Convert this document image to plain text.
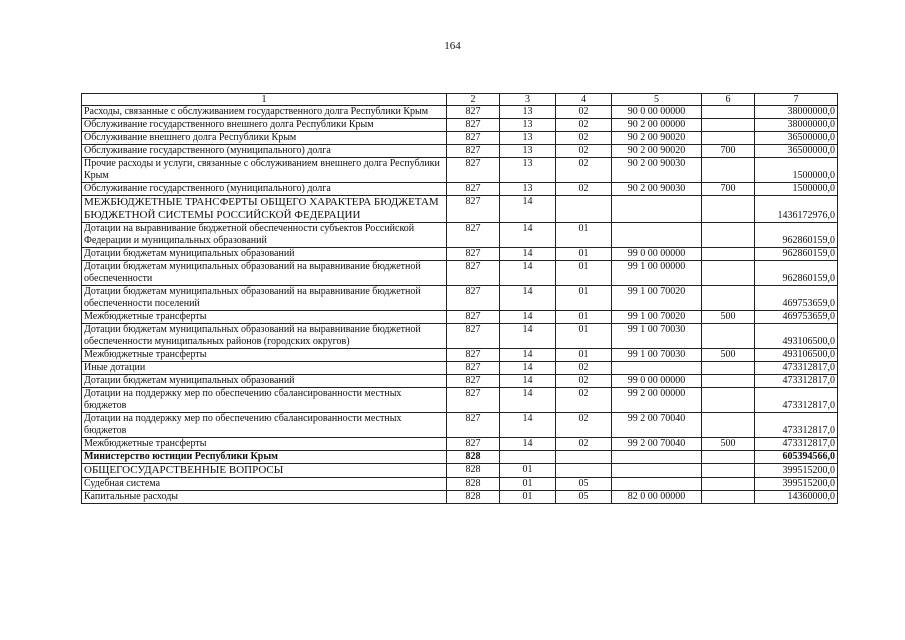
164
1	2	3	4	5	6	7
Расходы, связанные с обслуживанием государственного долга Республики Крым	827	13	02	90 0 00 00000		38000000,0
Обслуживание государственного внешнего долга Республики Крым	827	13	02	90 2 00 00000		38000000,0
Обслуживание внешнего долга Республики Крым	827	13	02	90 2 00 90020		36500000,0
Обслуживание государственного (муниципального) долга	827	13	02	90 2 00 90020	700	36500000,0
Прочие расходы и услуги, связанные с обслуживанием внешнего долга Республики Крым	827	13	02	90 2 00 90030		1500000,0
Обслуживание государственного (муниципального) долга	827	13	02	90 2 00 90030	700	1500000,0
МЕЖБЮДЖЕТНЫЕ ТРАНСФЕРТЫ ОБЩЕГО ХАРАКТЕРА БЮДЖЕТАМ БЮДЖЕТНОЙ СИСТЕМЫ РОССИЙСКОЙ ФЕДЕРАЦИИ	827	14				1436172976,0
Дотации на выравнивание бюджетной обеспеченности субъектов Российской Федерации и муниципальных образований	827	14	01			962860159,0
Дотации бюджетам муниципальных образований	827	14	01	99 0 00 00000		962860159,0
Дотации бюджетам муниципальных образований на выравнивание бюджетной обеспеченности	827	14	01	99 1 00 00000		962860159,0
Дотации бюджетам муниципальных образований на выравнивание бюджетной обеспеченности поселений	827	14	01	99 1 00 70020		469753659,0
Межбюджетные трансферты	827	14	01	99 1 00 70020	500	469753659,0
Дотации бюджетам муниципальных образований на выравнивание бюджетной обеспеченности муниципальных районов (городских округов)	827	14	01	99 1 00 70030		493106500,0
Межбюджетные трансферты	827	14	01	99 1 00 70030	500	493106500,0
Иные дотации	827	14	02			473312817,0
Дотации бюджетам муниципальных образований	827	14	02	99 0 00 00000		473312817,0
Дотации на поддержку мер по обеспечению сбалансированности местных бюджетов	827	14	02	99 2 00 00000		473312817,0
Дотации на поддержку мер по обеспечению сбалансированности местных бюджетов	827	14	02	99 2 00 70040		473312817,0
Межбюджетные трансферты	827	14	02	99 2 00 70040	500	473312817,0
Министерство юстиции Республики Крым	828					605394566,0
ОБЩЕГОСУДАРСТВЕННЫЕ ВОПРОСЫ	828	01				399515200,0
Судебная система	828	01	05			399515200,0
Капитальные расходы	828	01	05	82 0 00 00000		14360000,0
